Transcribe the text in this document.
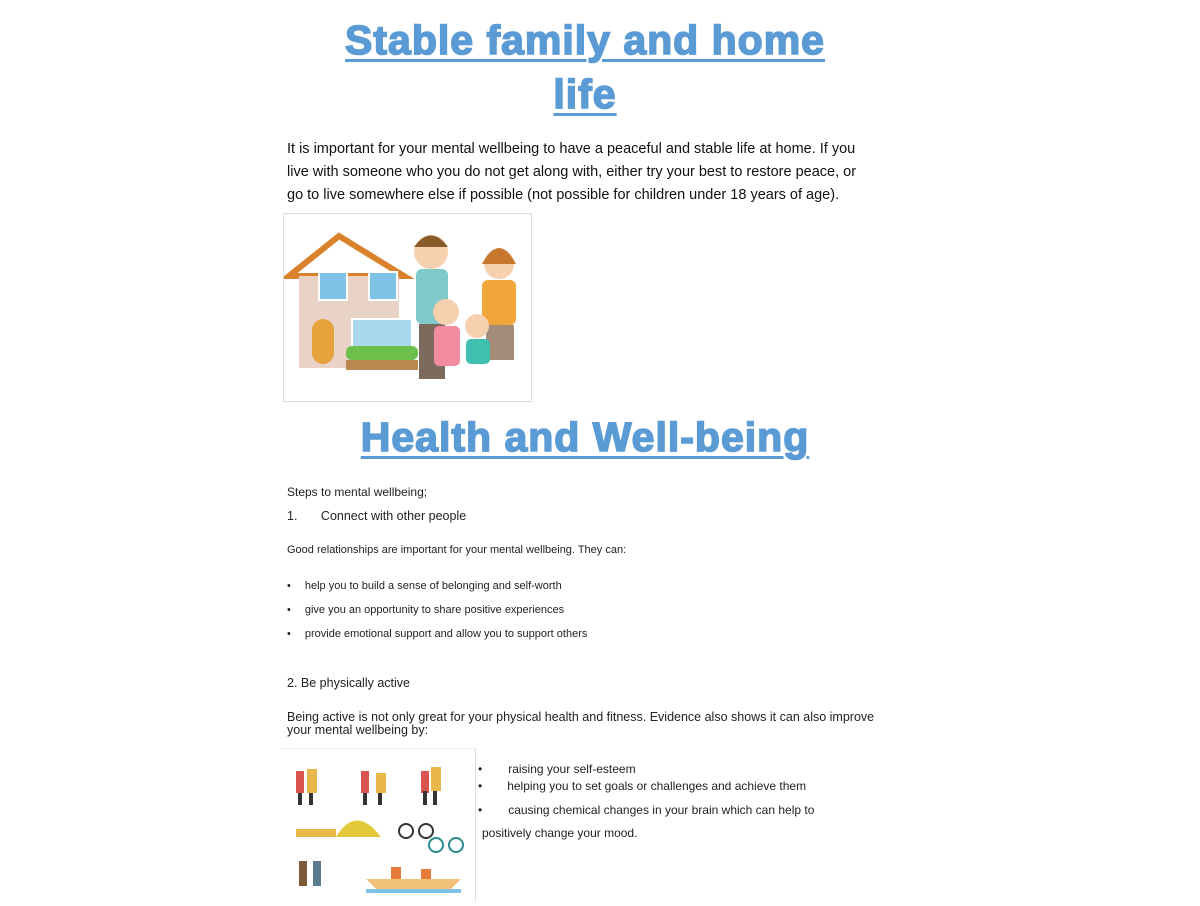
Stable family and home
life
It is important for your mental wellbeing to have a peaceful and stable life at home. If you
live with someone who you do not get along with, either try your best to restore peace, or
go to live somewhere else if possible (not possible for children under 18 years of age).
Health and Well-being
Steps to mental wellbeing;
1. Connect with other people
Good relationships are important for your mental wellbeing. They can:
• help you to build a sense of belonging and self-worth
• give you an opportunity to share positive experiences
• provide emotional support and allow you to support others
2. Be physically active
Being active is not only great for your physical health and fitness. Evidence also shows it can also improve
your mental wellbeing by:
• raising your self-esteem
• helping you to set goals or challenges and achieve them
• causing chemical changes in your brain which can help to
positively change your mood.
